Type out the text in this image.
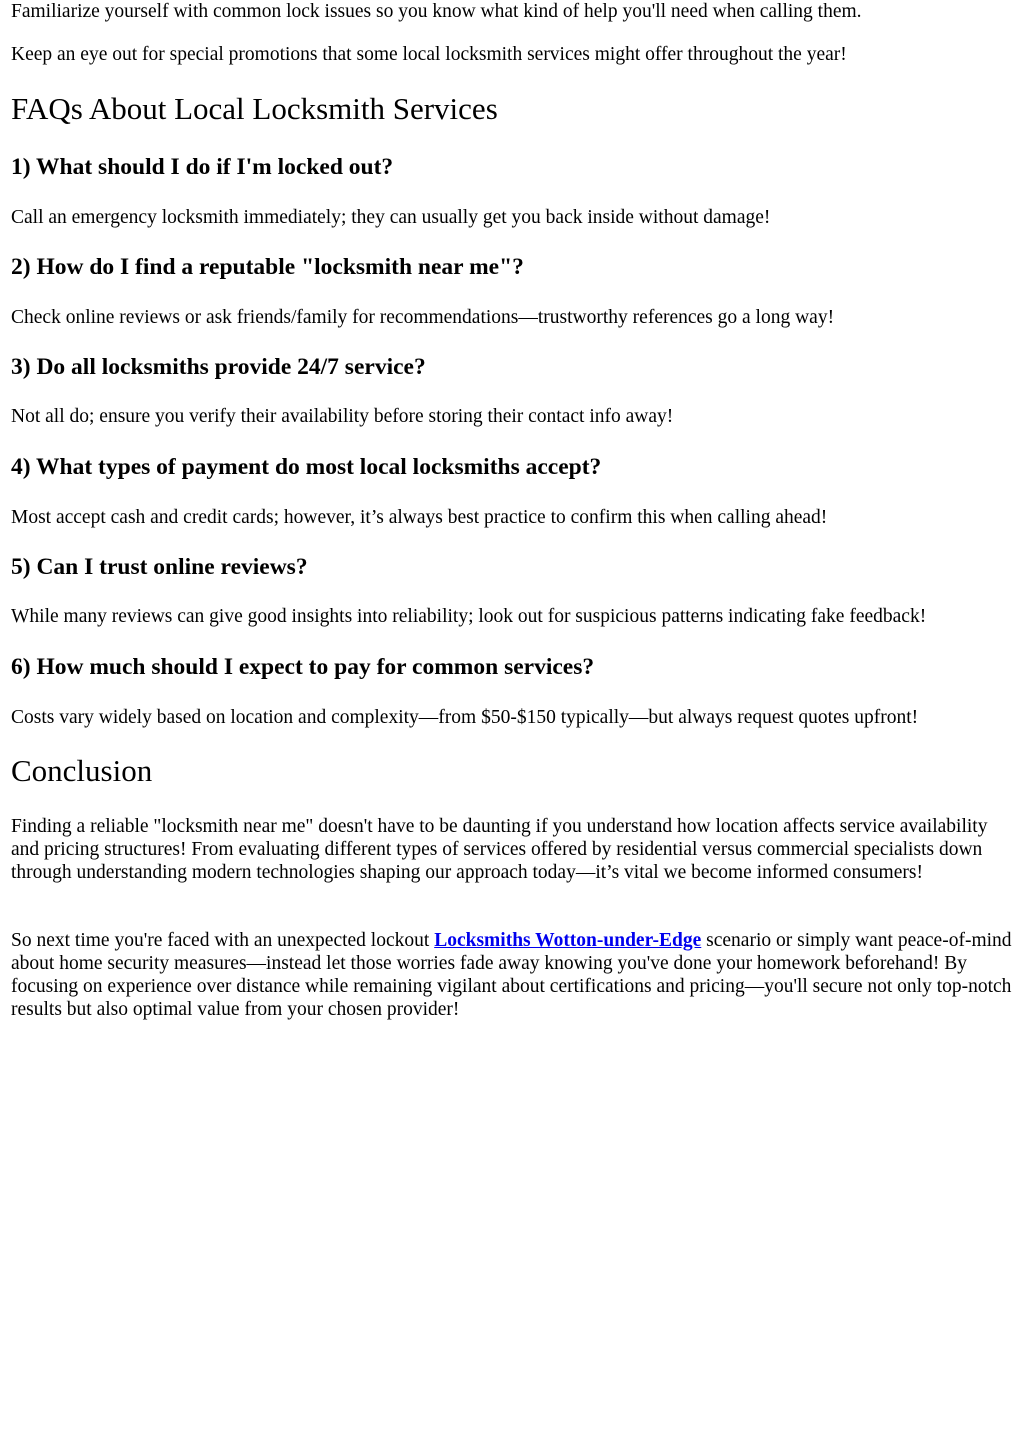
Familiarize yourself with common lock issues so you know what kind of help you'll need when calling them.

Keep an eye out for special promotions that some local locksmith services might offer throughout the year!

FAQs About Local Locksmith Services
1) What should I do if I'm locked out?

Call an emergency locksmith immediately; they can usually get you back inside without damage!

2) How do I find a reputable "locksmith near me"?

Check online reviews or ask friends/family for recommendations—trustworthy references go a long way!

3) Do all locksmiths provide 24/7 service?

Not all do; ensure you verify their availability before storing their contact info away!

4) What types of payment do most local locksmiths accept?

Most accept cash and credit cards; however, it’s always best practice to confirm this when calling ahead!

5) Can I trust online reviews?

While many reviews can give good insights into reliability; look out for suspicious patterns indicating fake feedback!

6) How much should I expect to pay for common services?

Costs vary widely based on location and complexity—from $50-$150 typically—but always request quotes upfront!

Conclusion

Finding a reliable "locksmith near me" doesn't have to be daunting if you understand how location affects service availability and pricing structures! From evaluating different types of services offered by residential versus commercial specialists down through understanding modern technologies shaping our approach today—it’s vital we become informed consumers!

So next time you're faced with an unexpected lockout Locksmiths Wotton-under-Edge scenario or simply want peace-of-mind about home security measures—instead let those worries fade away knowing you've done your homework beforehand! By focusing on experience over distance while remaining vigilant about certifications and pricing—you'll secure not only top-notch results but also optimal value from your chosen provider!
